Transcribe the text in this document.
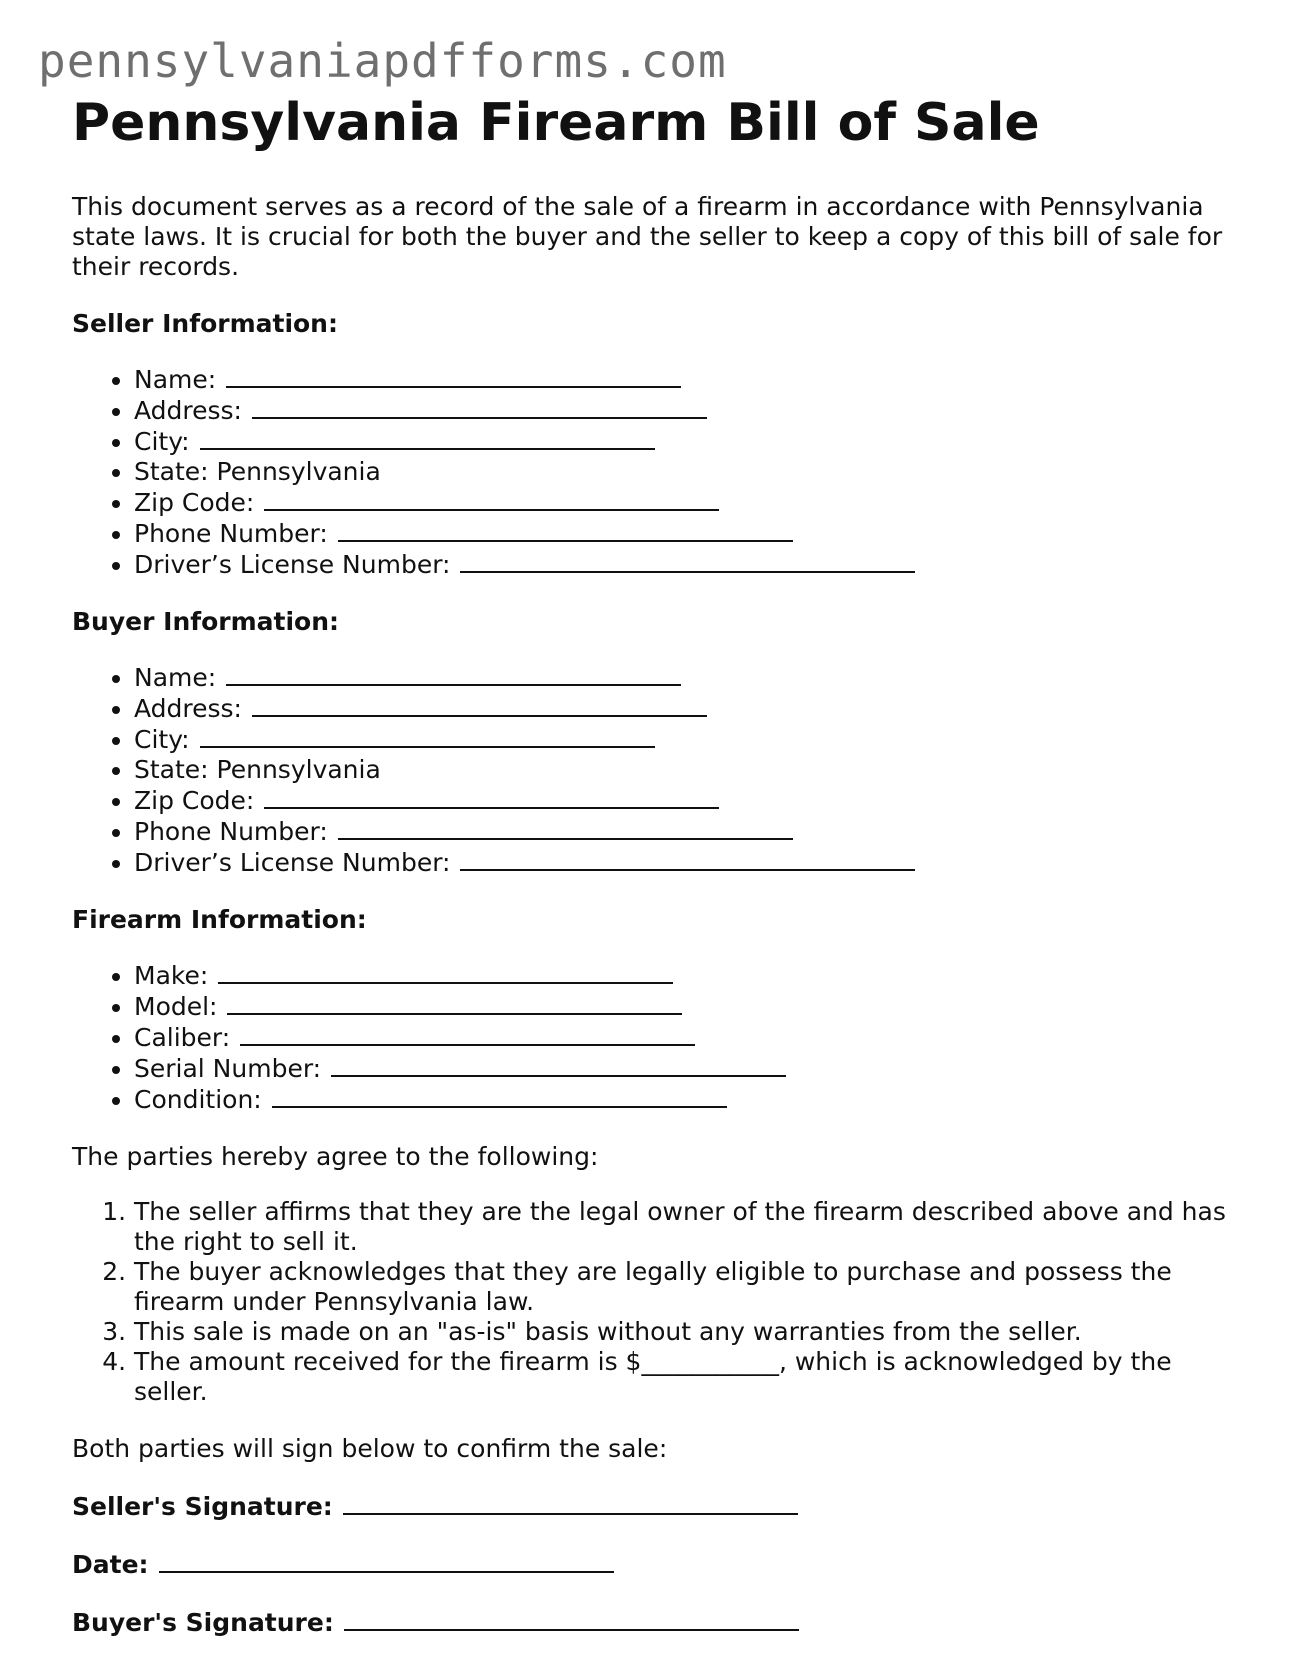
pennsylvaniapdfforms.com
Pennsylvania Firearm Bill of Sale

This document serves as a record of the sale of a firearm in accordance with Pennsylvania state laws. It is crucial for both the buyer and the seller to keep a copy of this bill of sale for their records.

Seller Information:
• Name:
• Address:
• City:
• State: Pennsylvania
• Zip Code:
• Phone Number:
• Driver’s License Number:
Buyer Information:
• Name:
• Address:
• City:
• State: Pennsylvania
• Zip Code:
• Phone Number:
• Driver’s License Number:
Firearm Information:
• Make:
• Model:
• Caliber:
• Serial Number:
• Condition:

The parties hereby agree to the following:

1. The seller affirms that they are the legal owner of the firearm described above and has the right to sell it.
2. The buyer acknowledges that they are legally eligible to purchase and possess the firearm under Pennsylvania law.
3. This sale is made on an "as-is" basis without any warranties from the seller.
4. The amount received for the firearm is $___________, which is acknowledged by the seller.

Both parties will sign below to confirm the sale:

Seller's Signature:
Date:
Buyer's Signature:
